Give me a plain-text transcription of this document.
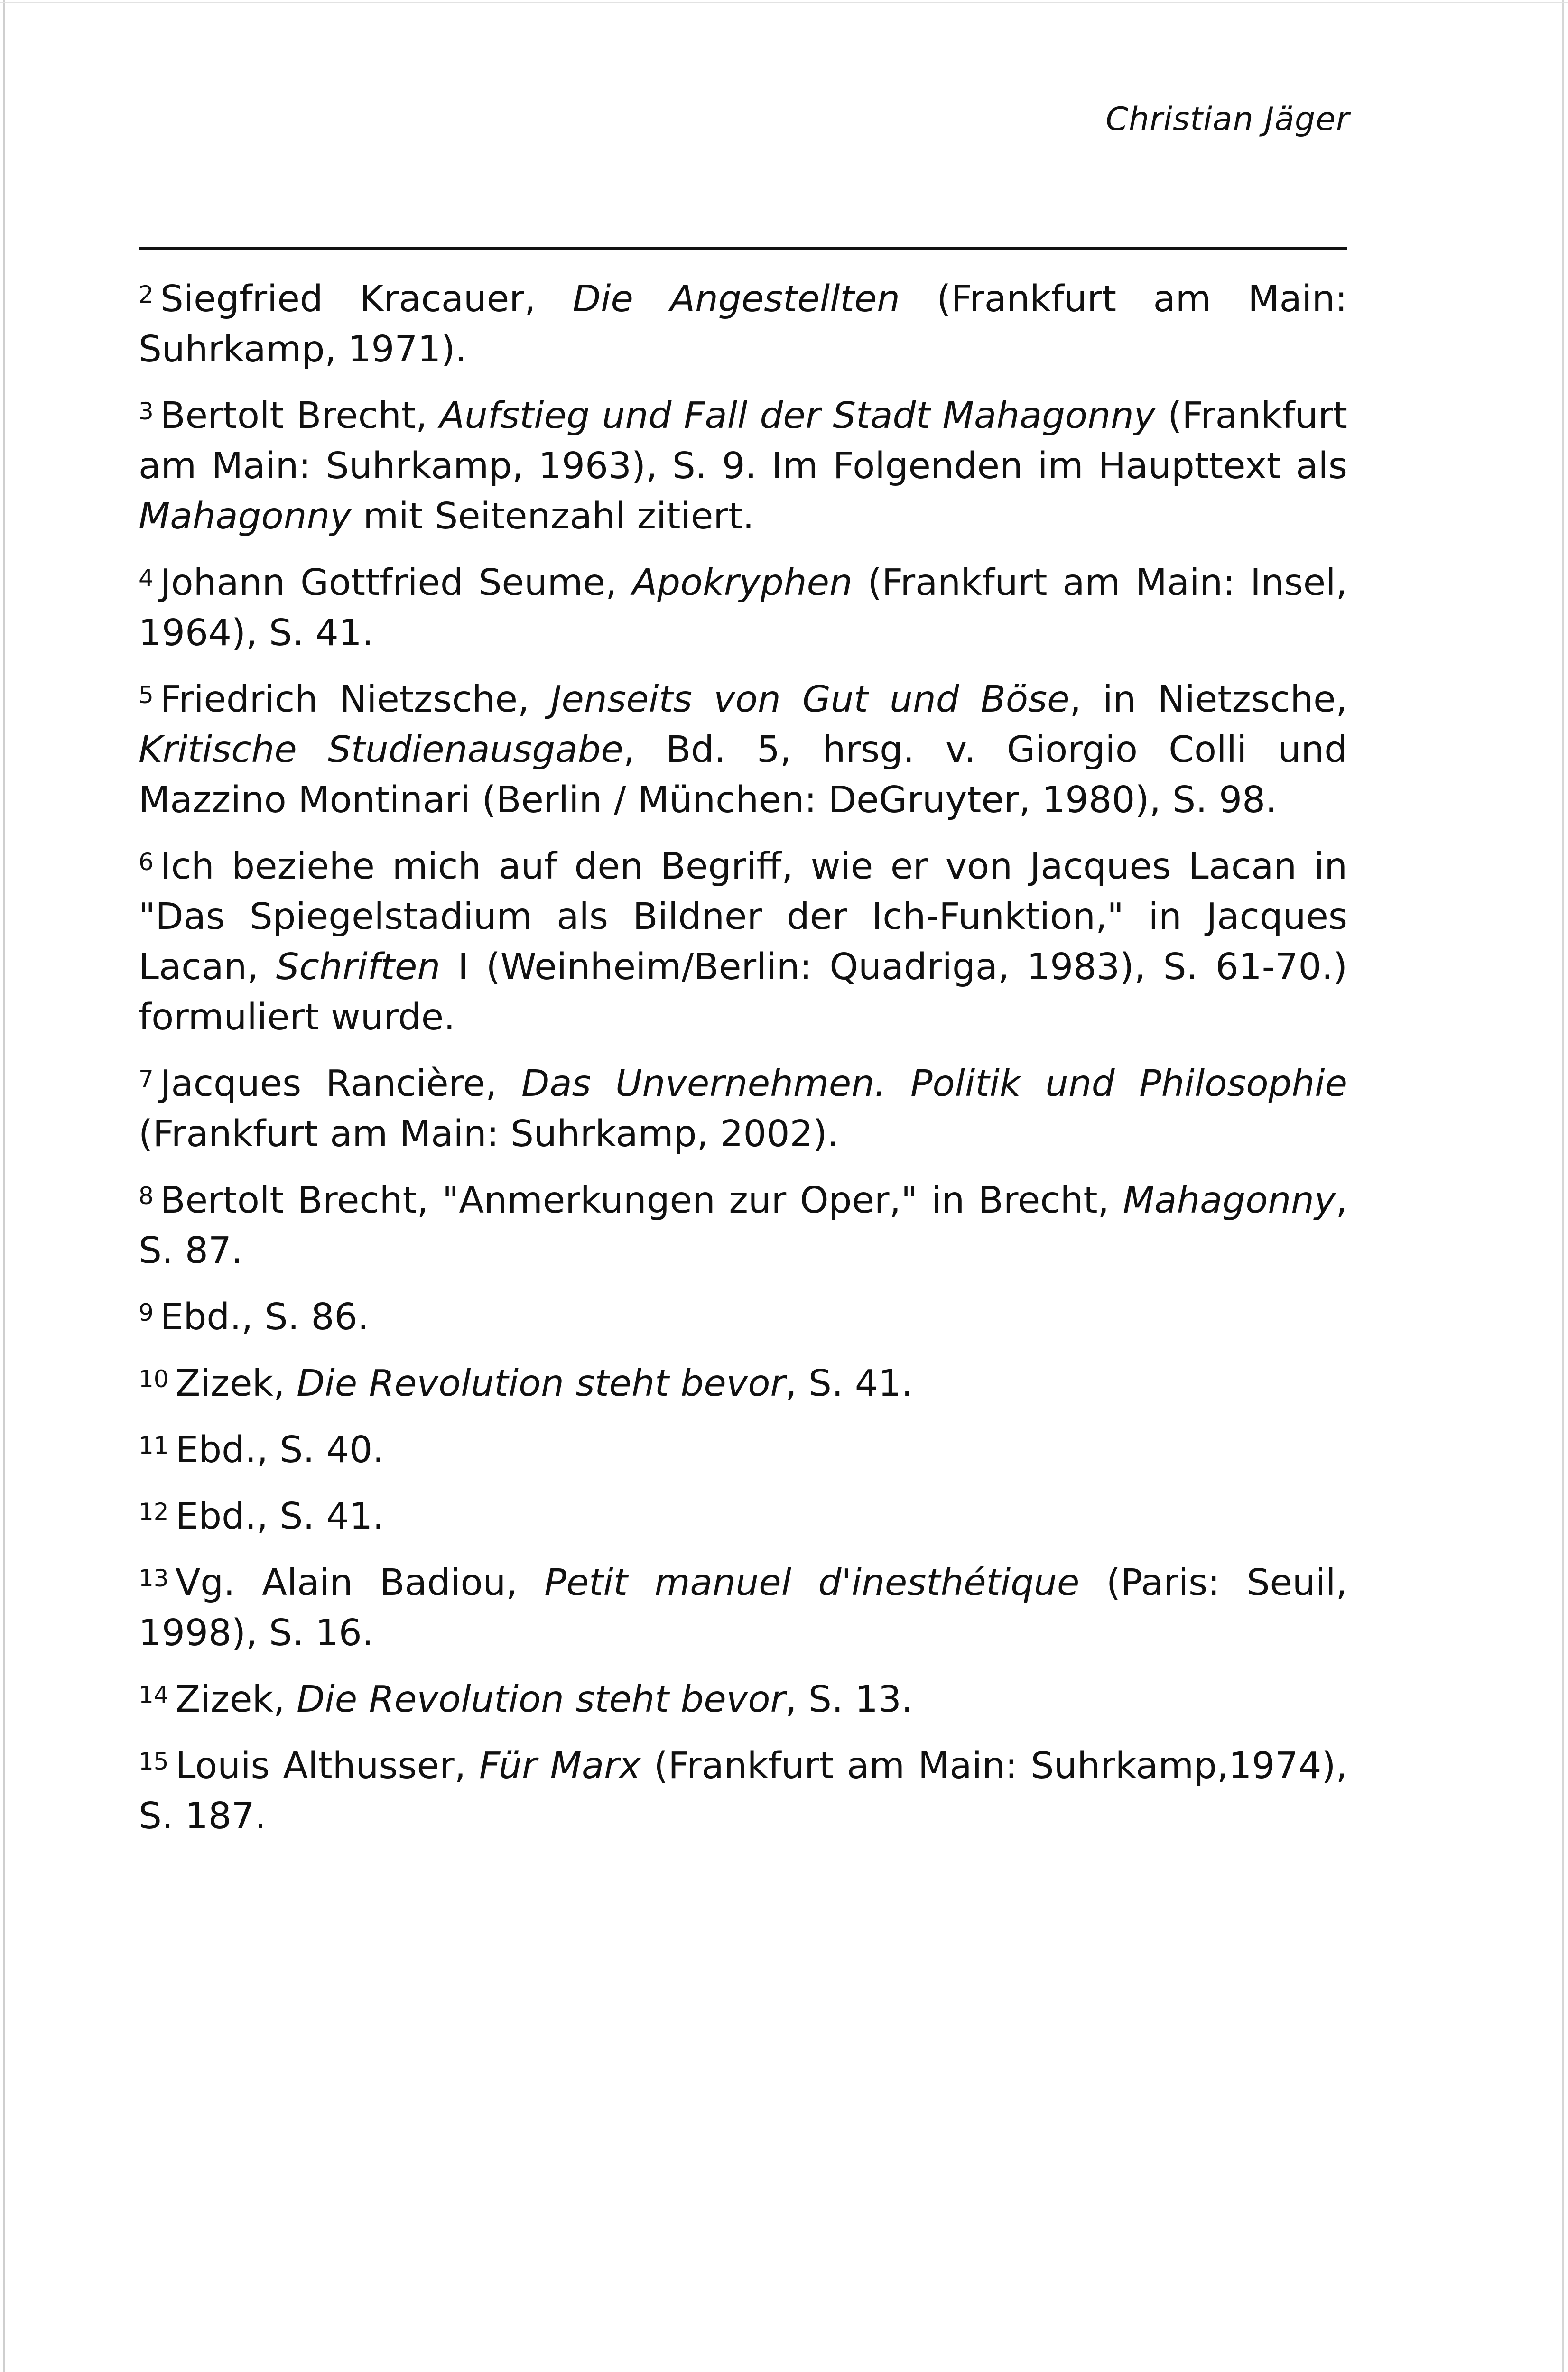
Christian Jäger

$^2$ Siegfried Kracauer, Die Angestellten (Frankfurt am Main: Suhrkamp, 1971).

$^3$ Bertolt Brecht, Aufstieg und Fall der Stadt Mahagonny (Frankfurt am Main: Suhrkamp, 1963), S. 9. Im Folgenden im Haupttext als Mahagonny mit Seitenzahl zitiert.

$^4$ Johann Gottfried Seume, Apokryphen (Frankfurt am Main: Insel, 1964), S. 41.

$^5$ Friedrich Nietzsche, Jenseits von Gut und Böse, in Nietzsche, Kritische Studienausgabe, Bd. 5, hrsg. v. Giorgio Colli und Mazzino Montinari (Berlin / München: DeGruyter, 1980), S. 98.

$^6$ Ich beziehe mich auf den Begriff, wie er von Jacques Lacan in "Das Spiegelstadium als Bildner der Ich-Funktion," in Jacques Lacan, Schriften I (Weinheim/Berlin: Quadriga, 1983), S. 61-70.) formuliert wurde.

$^7$ Jacques Rancière, Das Unvernehmen. Politik und Philosophie (Frankfurt am Main: Suhrkamp, 2002).

$^8$ Bertolt Brecht, "Anmerkungen zur Oper," in Brecht, Mahagonny, S. 87.

$^9$ Ebd., S. 86.

$^{10}$ Zizek, Die Revolution steht bevor, S. 41.

$^{11}$ Ebd., S. 40.

$^{12}$ Ebd., S. 41.

$^{13}$ Vg. Alain Badiou, Petit manuel d'inesthétique (Paris: Seuil, 1998), S. 16.

$^{14}$ Zizek, Die Revolution steht bevor, S. 13.

$^{15}$ Louis Althusser, Für Marx (Frankfurt am Main: Suhrkamp,1974), S. 187.
